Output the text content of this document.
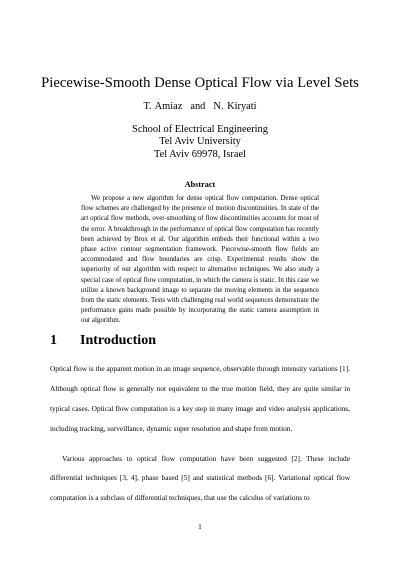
Piecewise-Smooth Dense Optical Flow via Level Sets
T. Amiaz and N. Kiryati
School of Electrical Engineering
Tel Aviv University
Tel Aviv 69978, Israel
Abstract
We propose a new algorithm for dense optical flow computation. Dense optical flow schemes are challenged by the presence of motion discontinuities. In state of the art optical flow methods, over-smoothing of flow discontinuities accounts for most of the error. A breakthrough in the performance of optical flow computation has recently been achieved by Brox et al. Our algorithm embeds their functional within a two phase active contour segmentation framework. Piecewise-smooth flow fields are accommodated and flow boundaries are crisp. Experimental results show the superiority of our algorithm with respect to alternative techniques. We also study a special case of optical flow computation, in which the camera is static. In this case we utilize a known background image to separate the moving elements in the sequence from the static elements. Tests with challenging real world sequences demonstrate the performance gains made possible by incorporating the static camera assumption in our algorithm.
1 Introduction

Optical flow is the apparent motion in an image sequence, observable through intensity variations [1]. Although optical flow is generally not equivalent to the true motion field, they are quite similar in typical cases. Optical flow computation is a key step in many image and video analysis applications, including tracking, surveillance, dynamic super resolution and shape from motion.

Various approaches to optical flow computation have been suggested [2]. These include differential techniques [3, 4], phase based [5] and statistical methods [6]. Variational optical flow computation is a subclass of differential techniques, that use the calculus of variations to

1
